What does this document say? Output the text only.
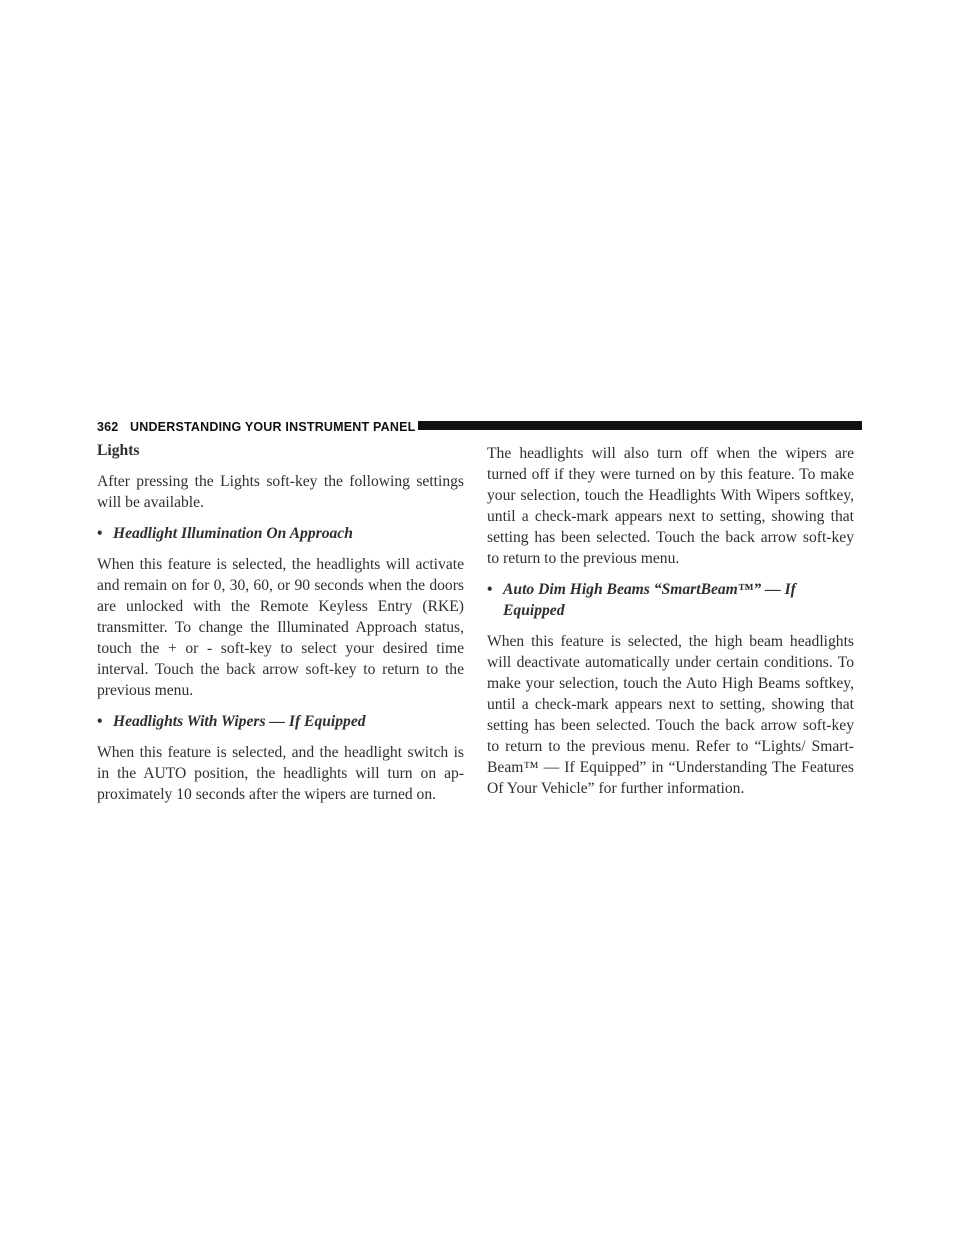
362 UNDERSTANDING YOUR INSTRUMENT PANEL
Lights

After pressing the Lights soft-key the following settings will be available.

• Headlight Illumination On Approach

When this feature is selected, the headlights will activate and remain on for 0, 30, 60, or 90 seconds when the doors are unlocked with the Remote Keyless Entry (RKE) transmitter. To change the Illuminated Approach status, touch the + or - soft-key to select your desired time interval. Touch the back arrow soft-key to return to the previous menu.

• Headlights With Wipers — If Equipped

When this feature is selected, and the headlight switch is in the AUTO position, the headlights will turn on ap- proximately 10 seconds after the wipers are turned on.

The headlights will also turn off when the wipers are turned off if they were turned on by this feature. To make your selection, touch the Headlights With Wipers softkey, until a check-mark appears next to setting, showing that setting has been selected. Touch the back arrow soft-key to return to the previous menu.

• Auto Dim High Beams “SmartBeam™” — If Equipped

When this feature is selected, the high beam headlights will deactivate automatically under certain conditions. To make your selection, touch the Auto High Beams softkey, until a check-mark appears next to setting, showing that setting has been selected. Touch the back arrow soft-key to return to the previous menu. Refer to “Lights/ Smart- Beam™ — If Equipped” in “Understanding The Features Of Your Vehicle” for further information.
